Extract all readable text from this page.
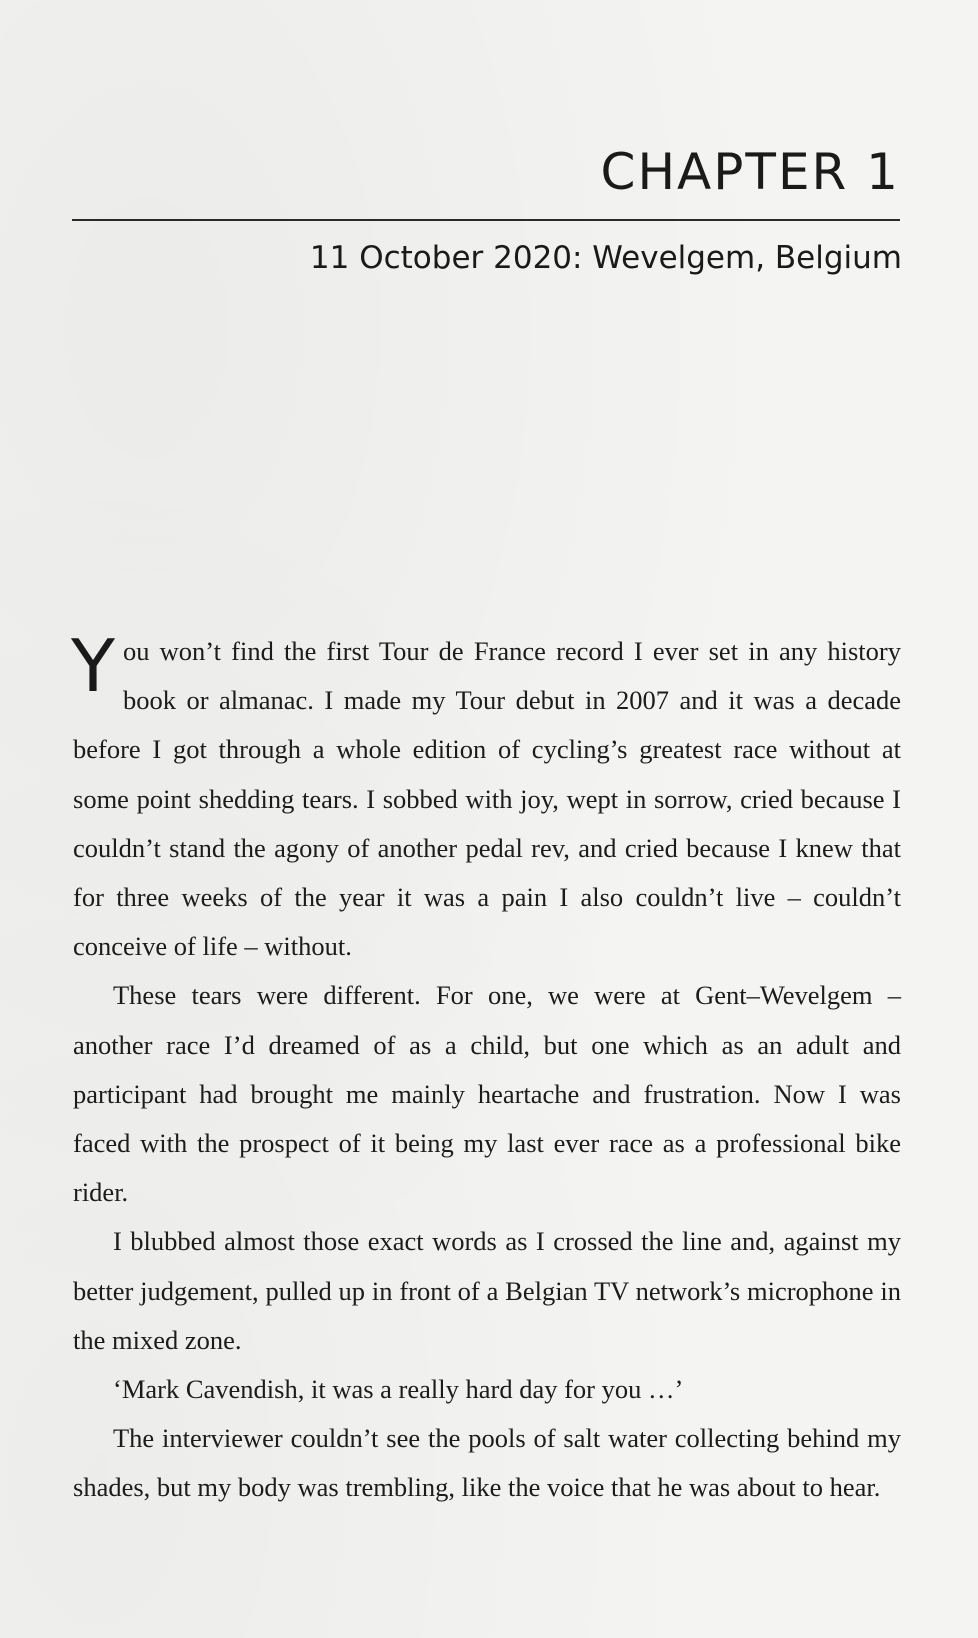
CHAPTER 1
11 October 2020: Wevelgem, Belgium

You won’t find the first Tour de France record I ever set in any history book or almanac. I made my Tour debut in 2007 and it was a decade before I got through a whole edition of cycling’s greatest race without at some point shedding tears. I sobbed with joy, wept in sorrow, cried because I couldn’t stand the agony of another pedal rev, and cried because I knew that for three weeks of the year it was a pain I also couldn’t live – couldn’t conceive of life – without.

These tears were different. For one, we were at Gent–Wevelgem – another race I’d dreamed of as a child, but one which as an adult and participant had brought me mainly heartache and frustration. Now I was faced with the prospect of it being my last ever race as a professional bike rider.

I blubbed almost those exact words as I crossed the line and, against my better judgement, pulled up in front of a Belgian TV network’s microphone in the mixed zone.

‘Mark Cavendish, it was a really hard day for you …’

The interviewer couldn’t see the pools of salt water collecting behind my shades, but my body was trembling, like the voice that he was about to hear.
